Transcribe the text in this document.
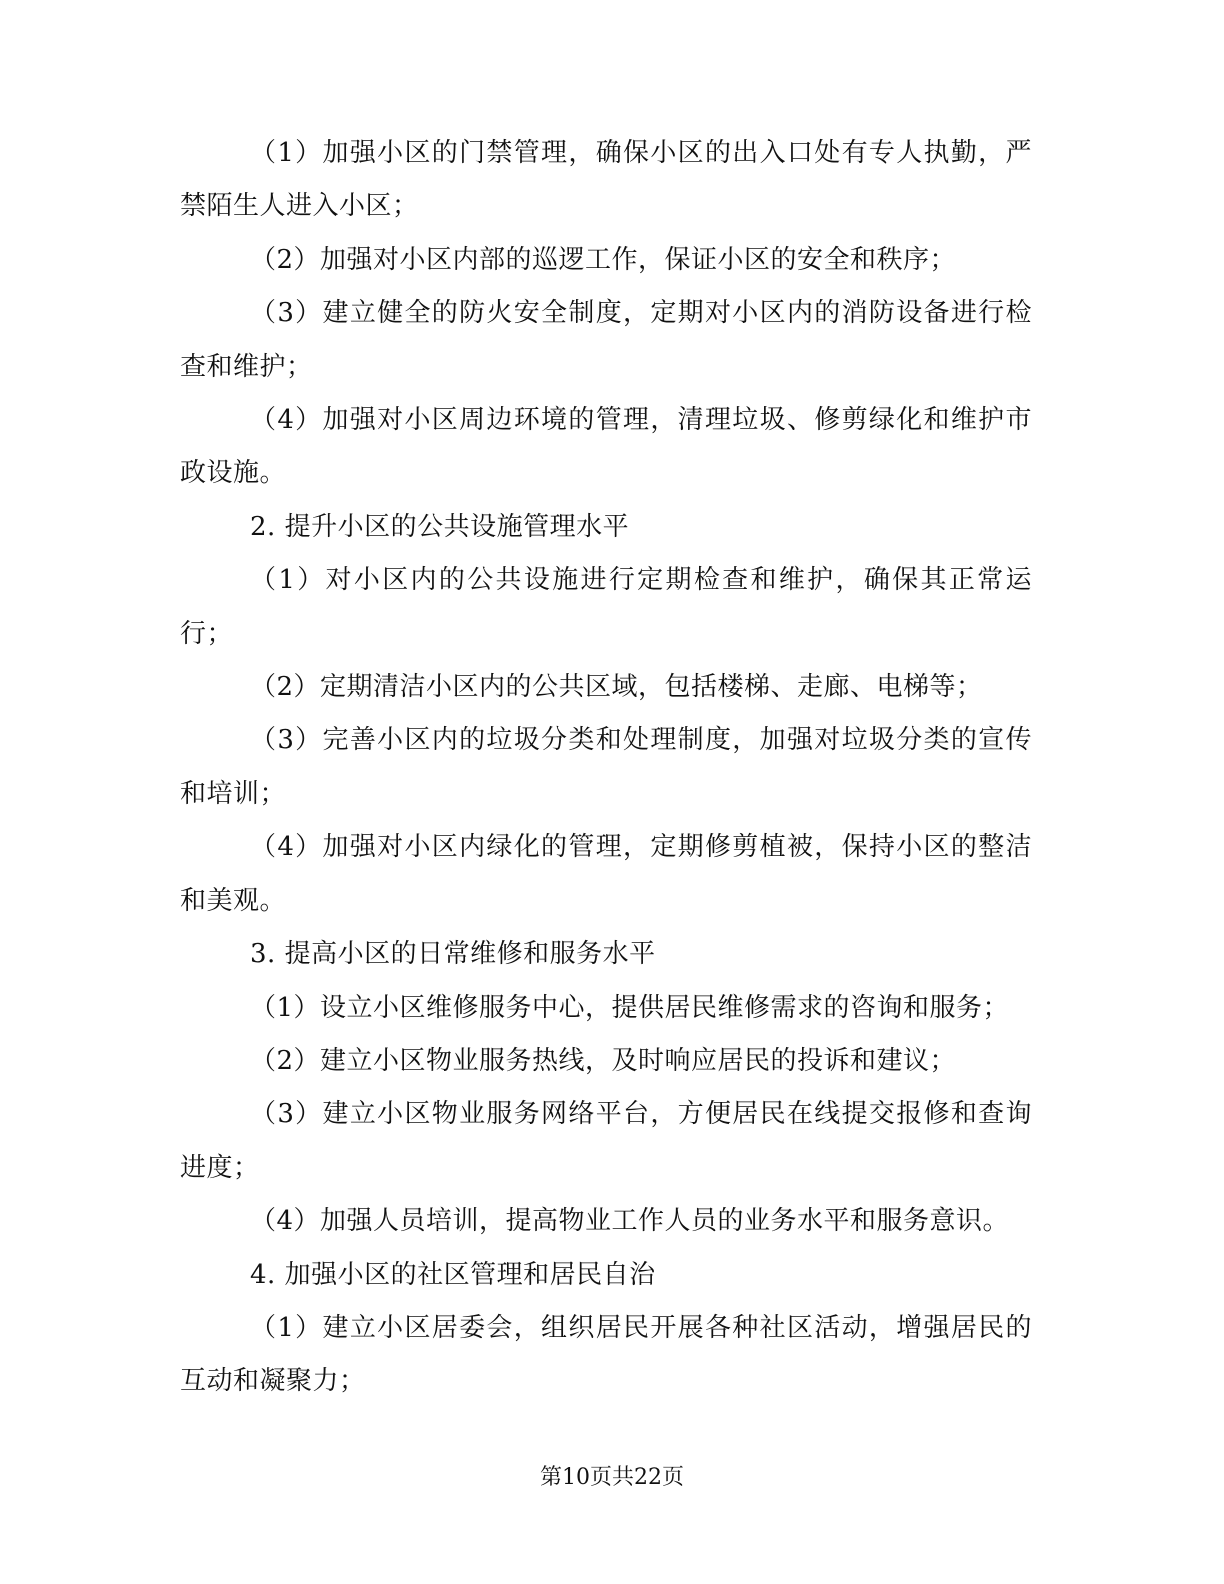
（1）加强小区的门禁管理，确保小区的出入口处有专人执勤，严禁陌生人进入小区；

（2）加强对小区内部的巡逻工作，保证小区的安全和秩序；

（3）建立健全的防火安全制度，定期对小区内的消防设备进行检查和维护；

（4）加强对小区周边环境的管理，清理垃圾、修剪绿化和维护市政设施。

2. 提升小区的公共设施管理水平

（1）对小区内的公共设施进行定期检查和维护，确保其正常运行；

（2）定期清洁小区内的公共区域，包括楼梯、走廊、电梯等；

（3）完善小区内的垃圾分类和处理制度，加强对垃圾分类的宣传和培训；

（4）加强对小区内绿化的管理，定期修剪植被，保持小区的整洁和美观。

3. 提高小区的日常维修和服务水平

（1）设立小区维修服务中心，提供居民维修需求的咨询和服务；

（2）建立小区物业服务热线，及时响应居民的投诉和建议；

（3）建立小区物业服务网络平台，方便居民在线提交报修和查询进度；

（4）加强人员培训，提高物业工作人员的业务水平和服务意识。

4. 加强小区的社区管理和居民自治

（1）建立小区居委会，组织居民开展各种社区活动，增强居民的互动和凝聚力；

第10页共22页
